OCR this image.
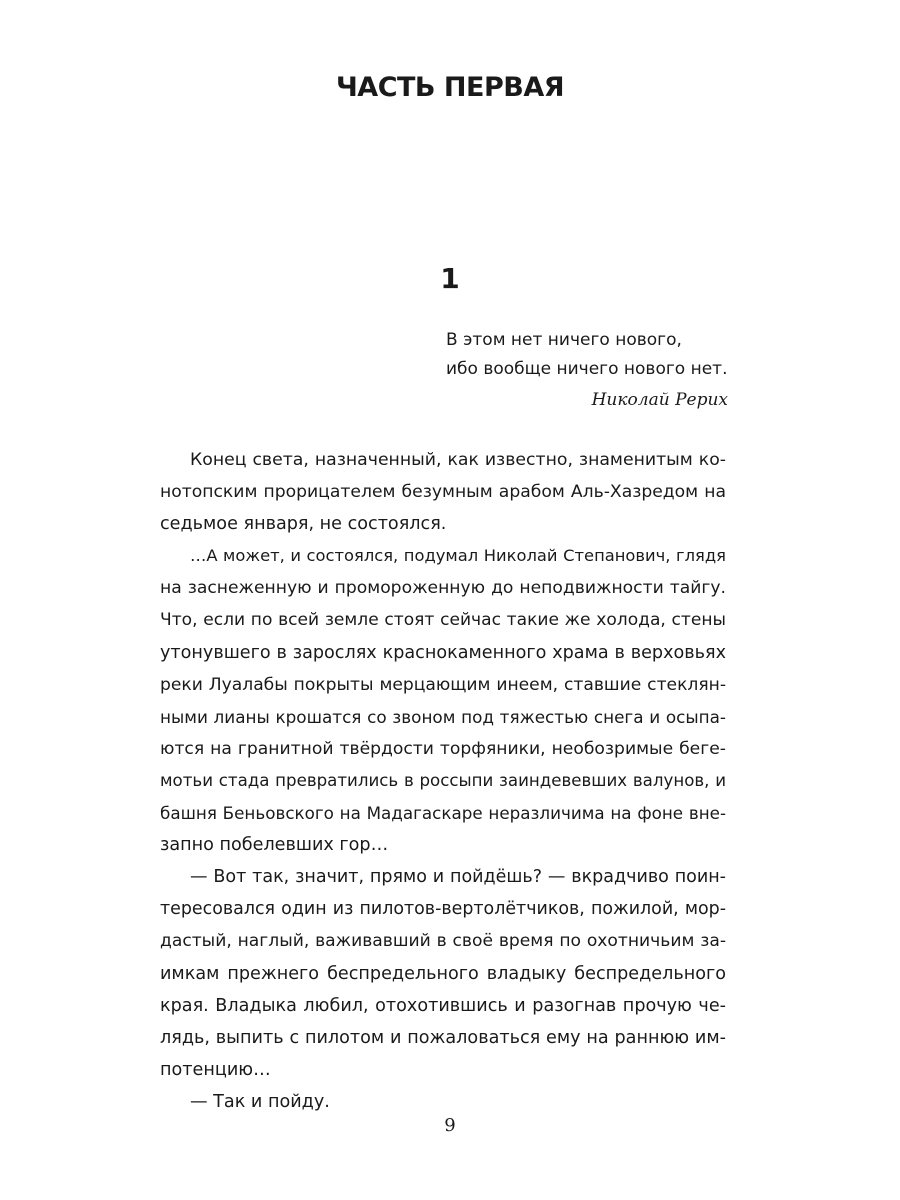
ЧАСТЬ ПЕРВАЯ
1
В этом нет ничего нового,
ибо вообще ничего нового нет.
Николай Рерих
Конец света, назначенный, как известно, знаменитым ко-
нотопским прорицателем безумным арабом Аль-Хазредом на
седьмое января, не состоялся.
…А может, и состоялся, подумал Николай Степанович, глядя
на заснеженную и промороженную до неподвижности тайгу.
Что, если по всей земле стоят сейчас такие же холода, стены
утонувшего в зарослях краснокаменного храма в верховьях
реки Луалабы покрыты мерцающим инеем, ставшие стеклян-
ными лианы крошатся со звоном под тяжестью снега и осыпа-
ются на гранитной твёрдости торфяники, необозримые бегe-
мотьи стада превратились в россыпи заиндевевших валунов, и
башня Беньовского на Мадагаскаре неразличима на фоне вне-
запно побелевших гор…
— Вот так, значит, прямо и пойдёшь? — вкрадчиво поин-
тересовался один из пилотов-вертолётчиков, пожилой, мор-
дастый, наглый, важивавший в своё время по охотничьим за-
имкам прежнего беспредельного владыку беспредельного
края. Владыка любил, отохотившись и разогнав прочую че-
лядь, выпить с пилотом и пожаловаться ему на раннюю им-
потенцию…
— Так и пойду.
9
